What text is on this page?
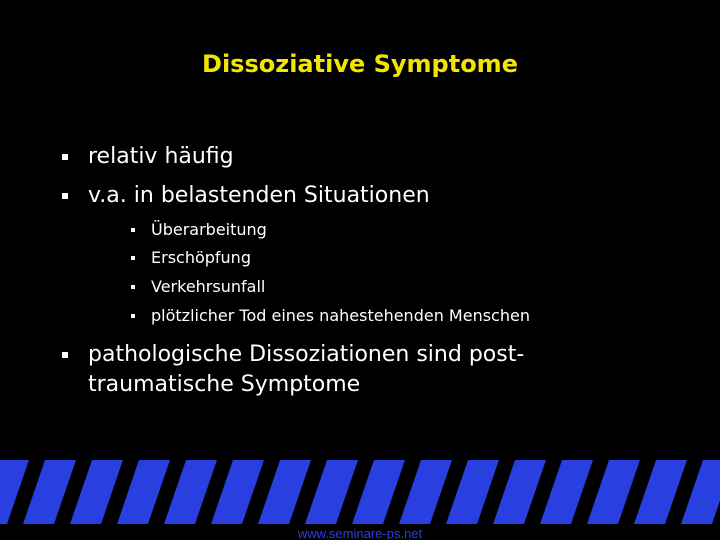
Dissoziative Symptome
relativ häufig
v.a. in belastenden Situationen
Überarbeitung
Erschöpfung
Verkehrsunfall
plötzlicher Tod eines nahestehenden Menschen
pathologische Dissoziationen sind post-
traumatische Symptome
www.seminare-ps.net
